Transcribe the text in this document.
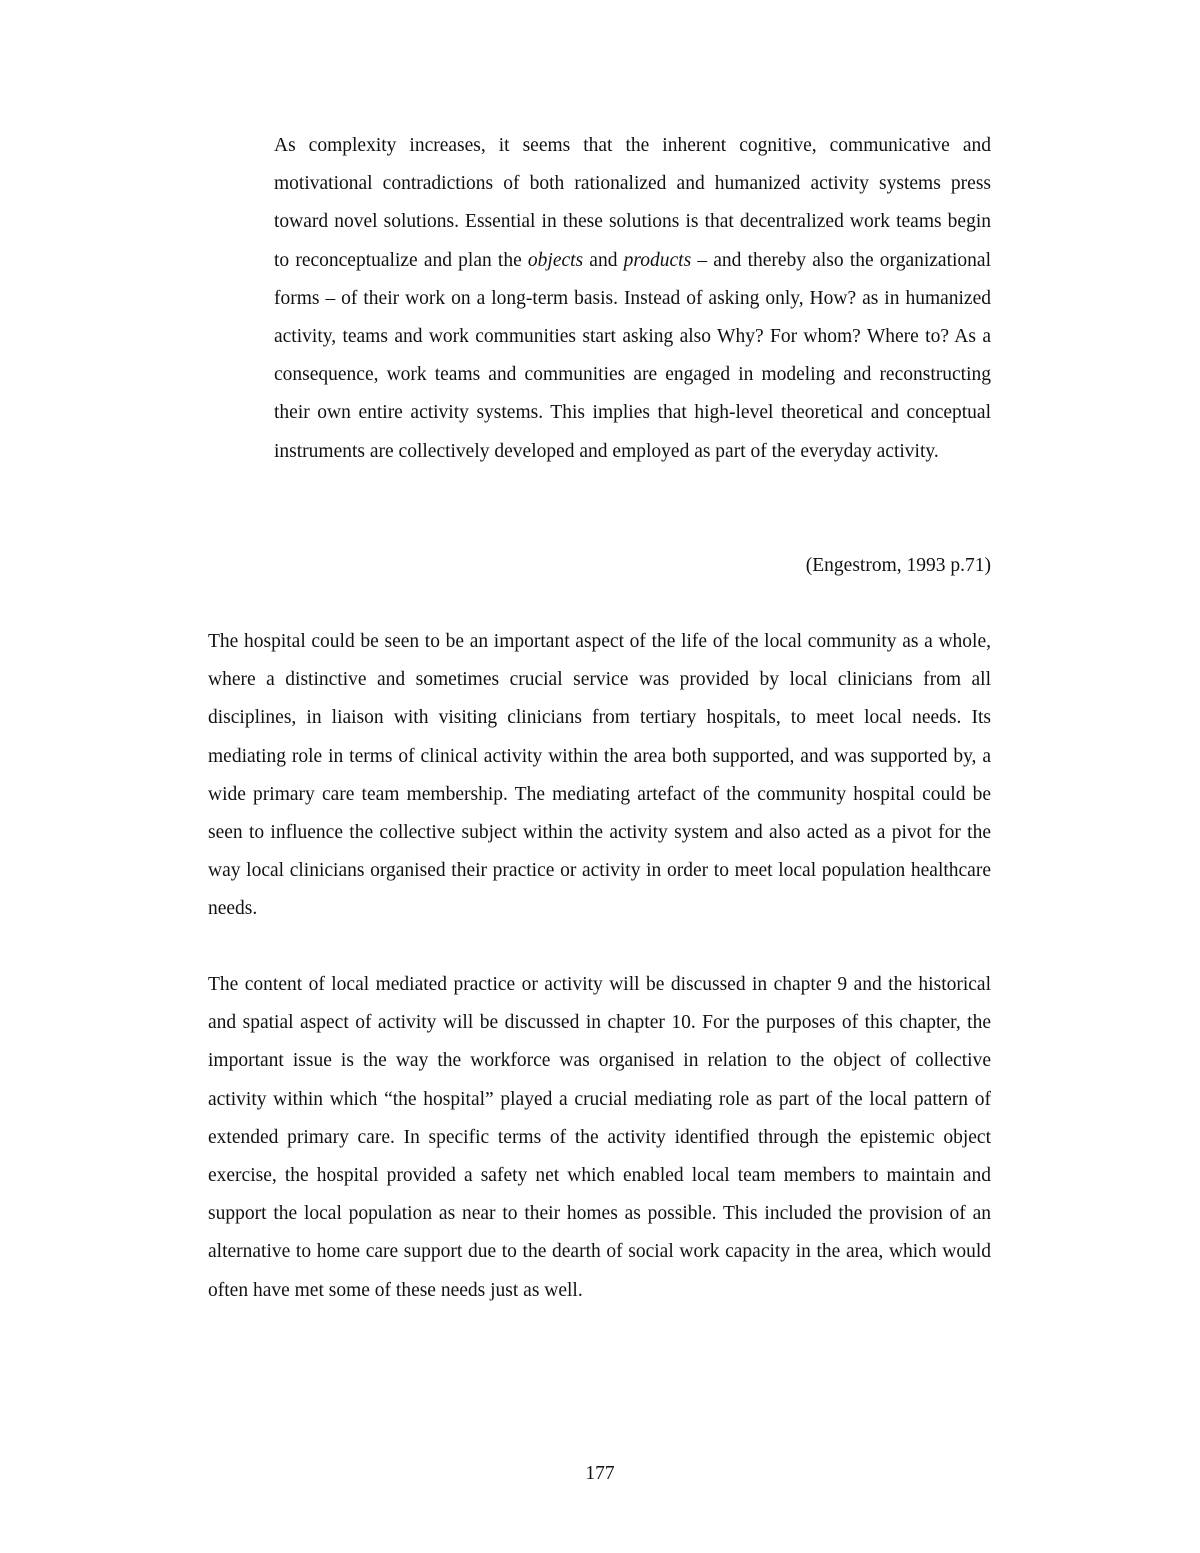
As complexity increases, it seems that the inherent cognitive, communicative and motivational contradictions of both rationalized and humanized activity systems press toward novel solutions. Essential in these solutions is that decentralized work teams begin to reconceptualize and plan the objects and products – and thereby also the organizational forms – of their work on a long-term basis. Instead of asking only, How? as in humanized activity, teams and work communities start asking also Why? For whom? Where to? As a consequence, work teams and communities are engaged in modeling and reconstructing their own entire activity systems. This implies that high-level theoretical and conceptual instruments are collectively developed and employed as part of the everyday activity.

(Engestrom, 1993 p.71)

The hospital could be seen to be an important aspect of the life of the local community as a whole, where a distinctive and sometimes crucial service was provided by local clinicians from all disciplines, in liaison with visiting clinicians from tertiary hospitals, to meet local needs. Its mediating role in terms of clinical activity within the area both supported, and was supported by, a wide primary care team membership. The mediating artefact of the community hospital could be seen to influence the collective subject within the activity system and also acted as a pivot for the way local clinicians organised their practice or activity in order to meet local population healthcare needs.

The content of local mediated practice or activity will be discussed in chapter 9 and the historical and spatial aspect of activity will be discussed in chapter 10. For the purposes of this chapter, the important issue is the way the workforce was organised in relation to the object of collective activity within which “the hospital” played a crucial mediating role as part of the local pattern of extended primary care. In specific terms of the activity identified through the epistemic object exercise, the hospital provided a safety net which enabled local team members to maintain and support the local population as near to their homes as possible. This included the provision of an alternative to home care support due to the dearth of social work capacity in the area, which would often have met some of these needs just as well.

177
